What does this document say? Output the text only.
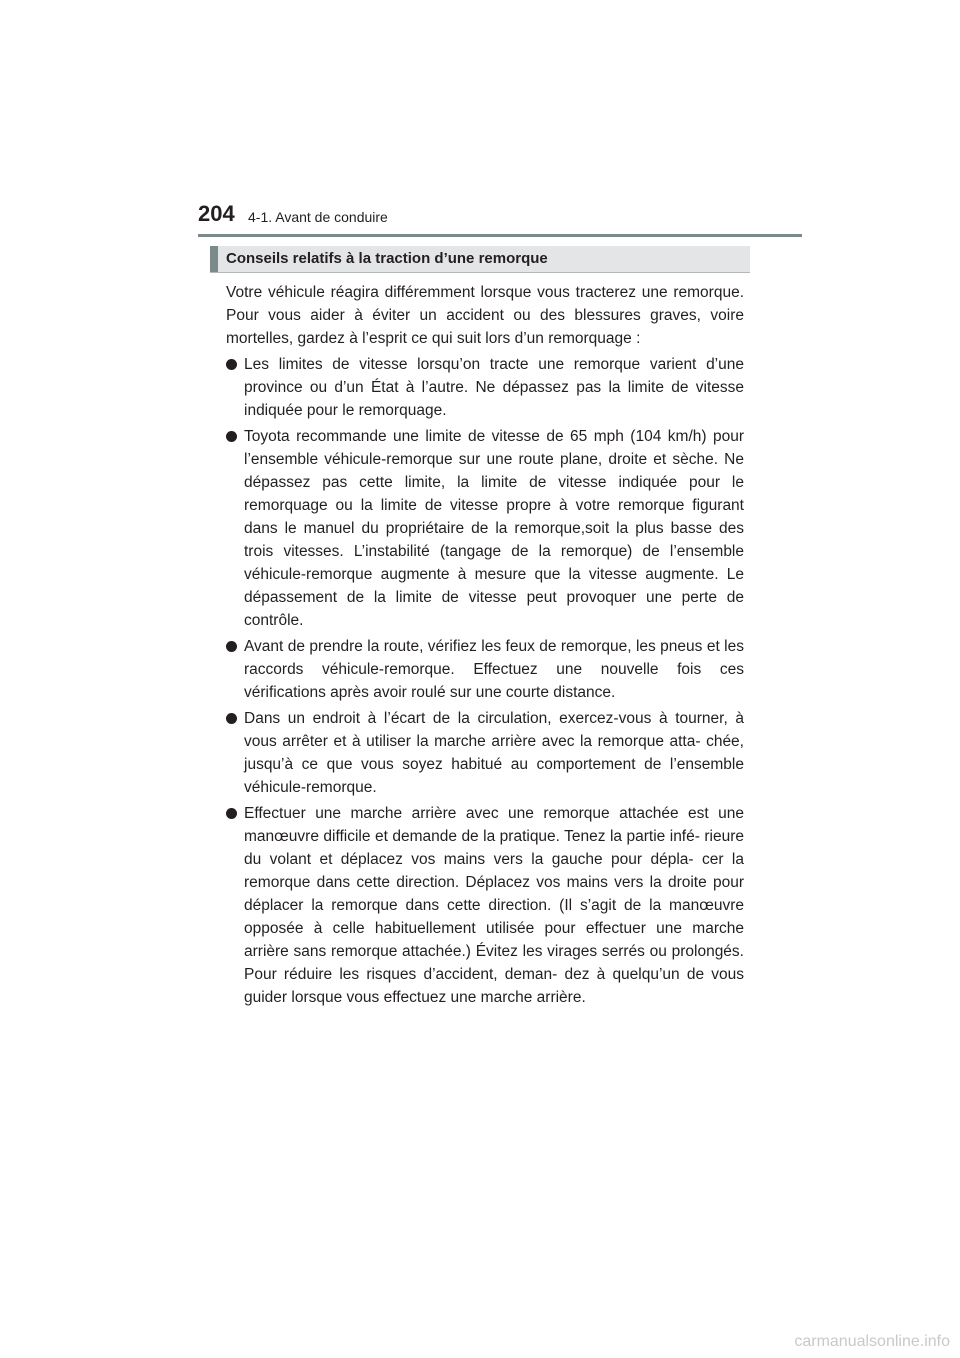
204 4-1. Avant de conduire
Conseils relatifs à la traction d’une remorque

Votre véhicule réagira différemment lorsque vous tracterez une remorque. Pour vous aider à éviter un accident ou des blessures graves, voire mortelles, gardez à l’esprit ce qui suit lors d’un remorquage :

Les limites de vitesse lorsqu’on tracte une remorque varient d’une province ou d’un État à l’autre. Ne dépassez pas la limite de vitesse indiquée pour le remorquage.
Toyota recommande une limite de vitesse de 65 mph (104 km/h) pour l’ensemble véhicule-remorque sur une route plane, droite et sèche. Ne dépassez pas cette limite, la limite de vitesse indiquée pour le remorquage ou la limite de vitesse propre à votre remorque figurant dans le manuel du propriétaire de la remorque,soit la plus basse des trois vitesses. L’instabilité (tangage de la remorque) de l’ensemble véhicule-remorque augmente à mesure que la vitesse augmente. Le dépassement de la limite de vitesse peut provoquer une perte de contrôle.
Avant de prendre la route, vérifiez les feux de remorque, les pneus et les raccords véhicule-remorque. Effectuez une nouvelle fois ces vérifications après avoir roulé sur une courte distance.
Dans un endroit à l’écart de la circulation, exercez-vous à tourner, à vous arrêter et à utiliser la marche arrière avec la remorque atta- chée, jusqu’à ce que vous soyez habitué au comportement de l’ensemble véhicule-remorque.
Effectuer une marche arrière avec une remorque attachée est une manœuvre difficile et demande de la pratique. Tenez la partie infé- rieure du volant et déplacez vos mains vers la gauche pour dépla- cer la remorque dans cette direction. Déplacez vos mains vers la droite pour déplacer la remorque dans cette direction. (Il s’agit de la manœuvre opposée à celle habituellement utilisée pour effectuer une marche arrière sans remorque attachée.) Évitez les virages serrés ou prolongés. Pour réduire les risques d’accident, deman- dez à quelqu’un de vous guider lorsque vous effectuez une marche arrière.
carmanualsonline.info
